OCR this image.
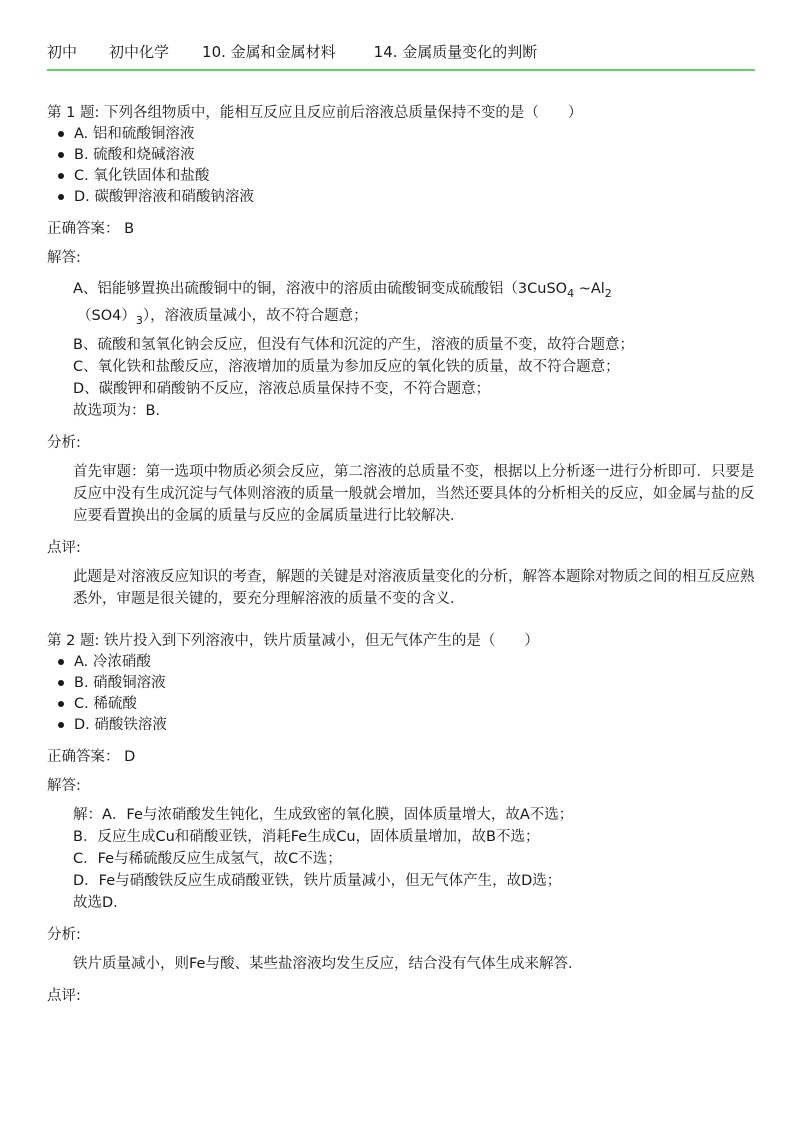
初中 初中化学 10. 金属和金属材料	14. 金属质量变化的判断
第 1 题: 下列各组物质中，能相互反应且反应前后溶液总质量保持不变的是（　　）
A. 铝和硫酸铜溶液
B. 硫酸和烧碱溶液
C. 氧化铁固体和盐酸
D. 碳酸钾溶液和硝酸钠溶液
正确答案： B
解答:
A、铝能够置换出硫酸铜中的铜，溶液中的溶质由硫酸铜变成硫酸铝（3CuSO$_4$ $\sim Al_2$
$(SO4)_3$），溶液质量减小，故不符合题意；
B、硫酸和氢氧化钠会反应，但没有气体和沉淀的产生，溶液的质量不变，故符合题意；
C、氧化铁和盐酸反应，溶液增加的质量为参加反应的氧化铁的质量，故不符合题意；
D、碳酸钾和硝酸钠不反应，溶液总质量保持不变，不符合题意；
故选项为：B．
分析:
首先审题：第一选项中物质必须会反应，第二溶液的总质量不变，根据以上分析逐一进行分析即可．只要是反应中没有生成沉淀与气体则溶液的质量一般就会增加，当然还要具体的分析相关的反应，如金属与盐的反应要看置换出的金属的质量与反应的金属质量进行比较解决．
点评:
此题是对溶液反应知识的考查，解题的关键是对溶液质量变化的分析，解答本题除对物质之间的相互反应熟悉外，审题是很关键的，要充分理解溶液的质量不变的含义．
第 2 题: 铁片投入到下列溶液中，铁片质量减小，但无气体产生的是（　　）
A. 冷浓硝酸
B. 硝酸铜溶液
C. 稀硫酸
D. 硝酸铁溶液
正确答案： D
解答:
解：A．Fe与浓硝酸发生钝化，生成致密的氧化膜，固体质量增大，故A不选；
B．反应生成Cu和硝酸亚铁，消耗Fe生成Cu，固体质量增加，故B不选；
C．Fe与稀硫酸反应生成氢气，故C不选；
D．Fe与硝酸铁反应生成硝酸亚铁，铁片质量减小，但无气体产生，故D选；
故选D．
分析:
铁片质量减小，则Fe与酸、某些盐溶液均发生反应，结合没有气体生成来解答．
点评:
